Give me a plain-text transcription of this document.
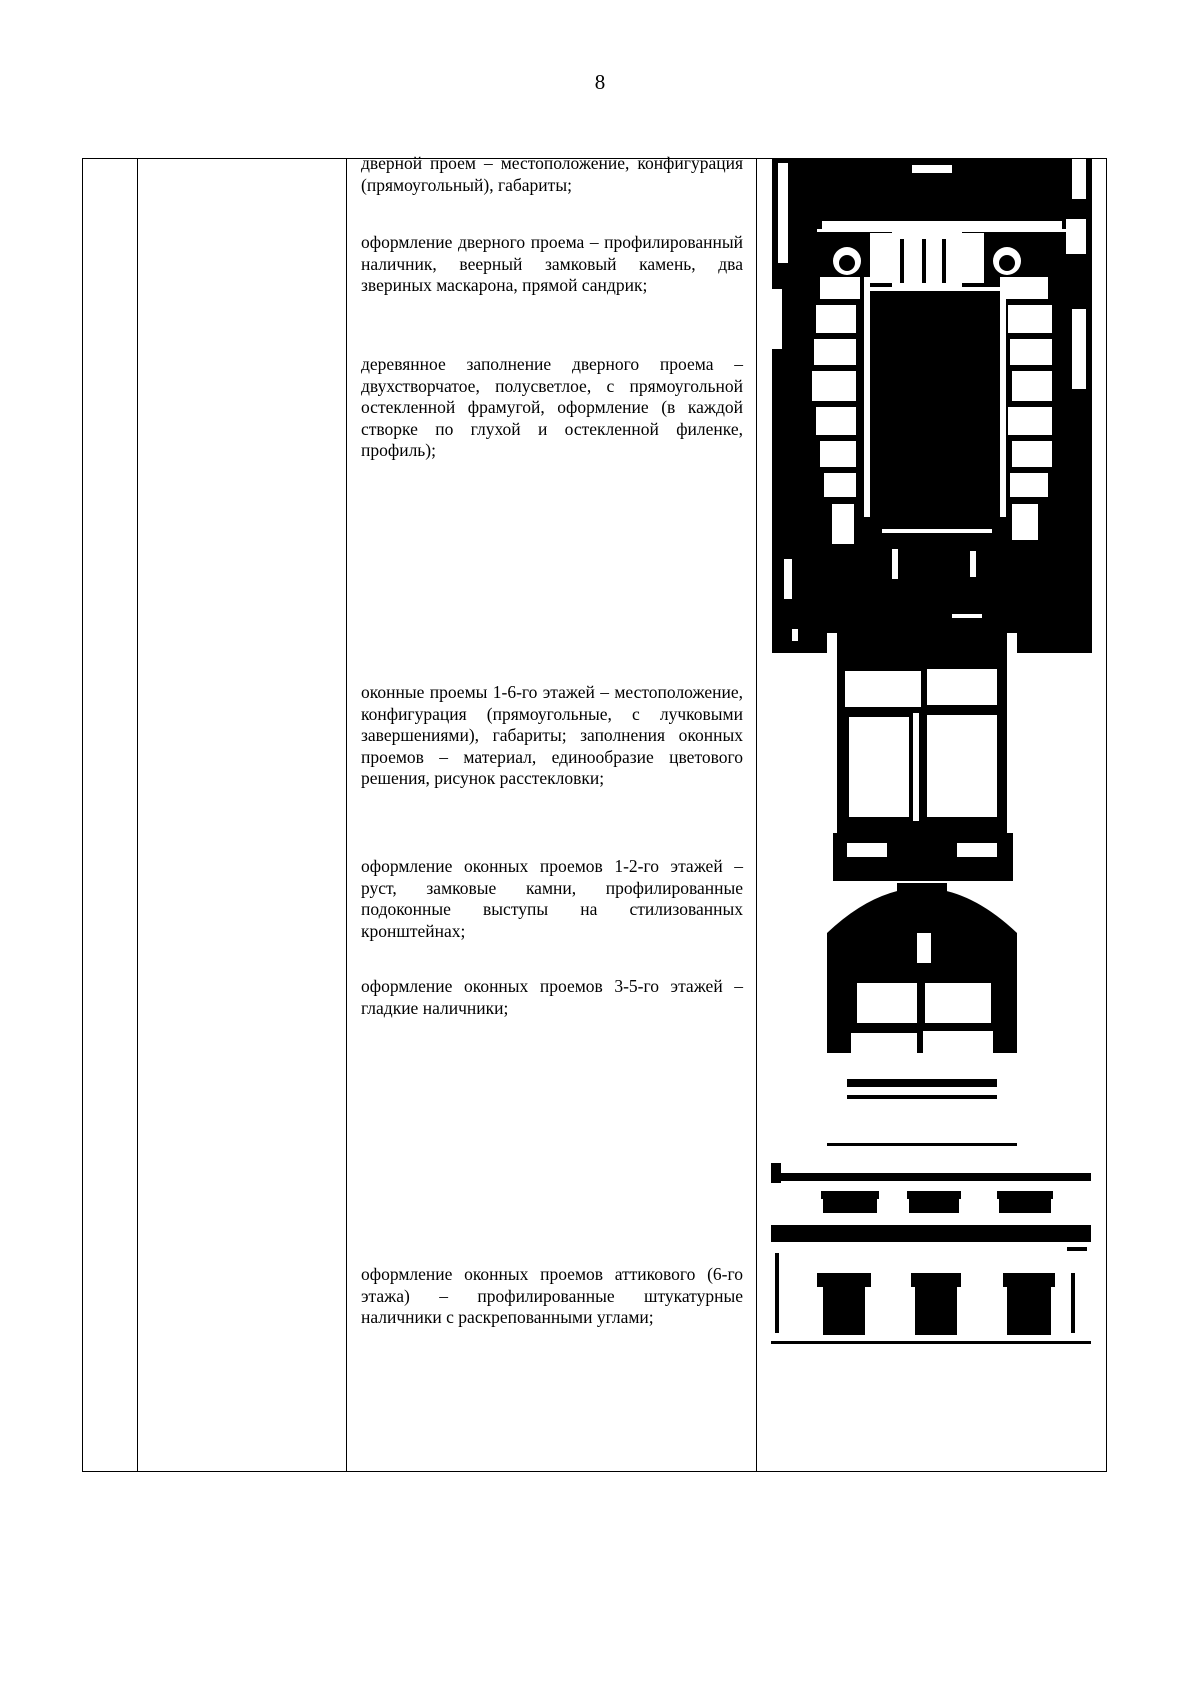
8

дверной проем – местоположение, конфигурация (прямоугольный), габариты;

оформление дверного проема – профилированный наличник, веерный замковый камень, два звериных маскарона, прямой сандрик;

деревянное заполнение дверного проема – двухстворчатое, полусветлое, с прямоугольной остекленной фрамугой, оформление (в каждой створке по глухой и остекленной филенке, профиль);

оконные проемы 1-6-го этажей – местоположение, конфигурация (прямоугольные, с лучковыми завершениями), габариты; заполнения оконных проемов – материал, единообразие цветового решения, рисунок расстекловки;

оформление оконных проемов 1-2-го этажей – руст, замковые камни, профилированные подоконные выступы на стилизованных кронштейнах;

оформление оконных проемов 3-5-го этажей – гладкие наличники;

оформление оконных проемов аттикового (6-го этажа) – профилированные штукатурные наличники с раскрепованными углами;
